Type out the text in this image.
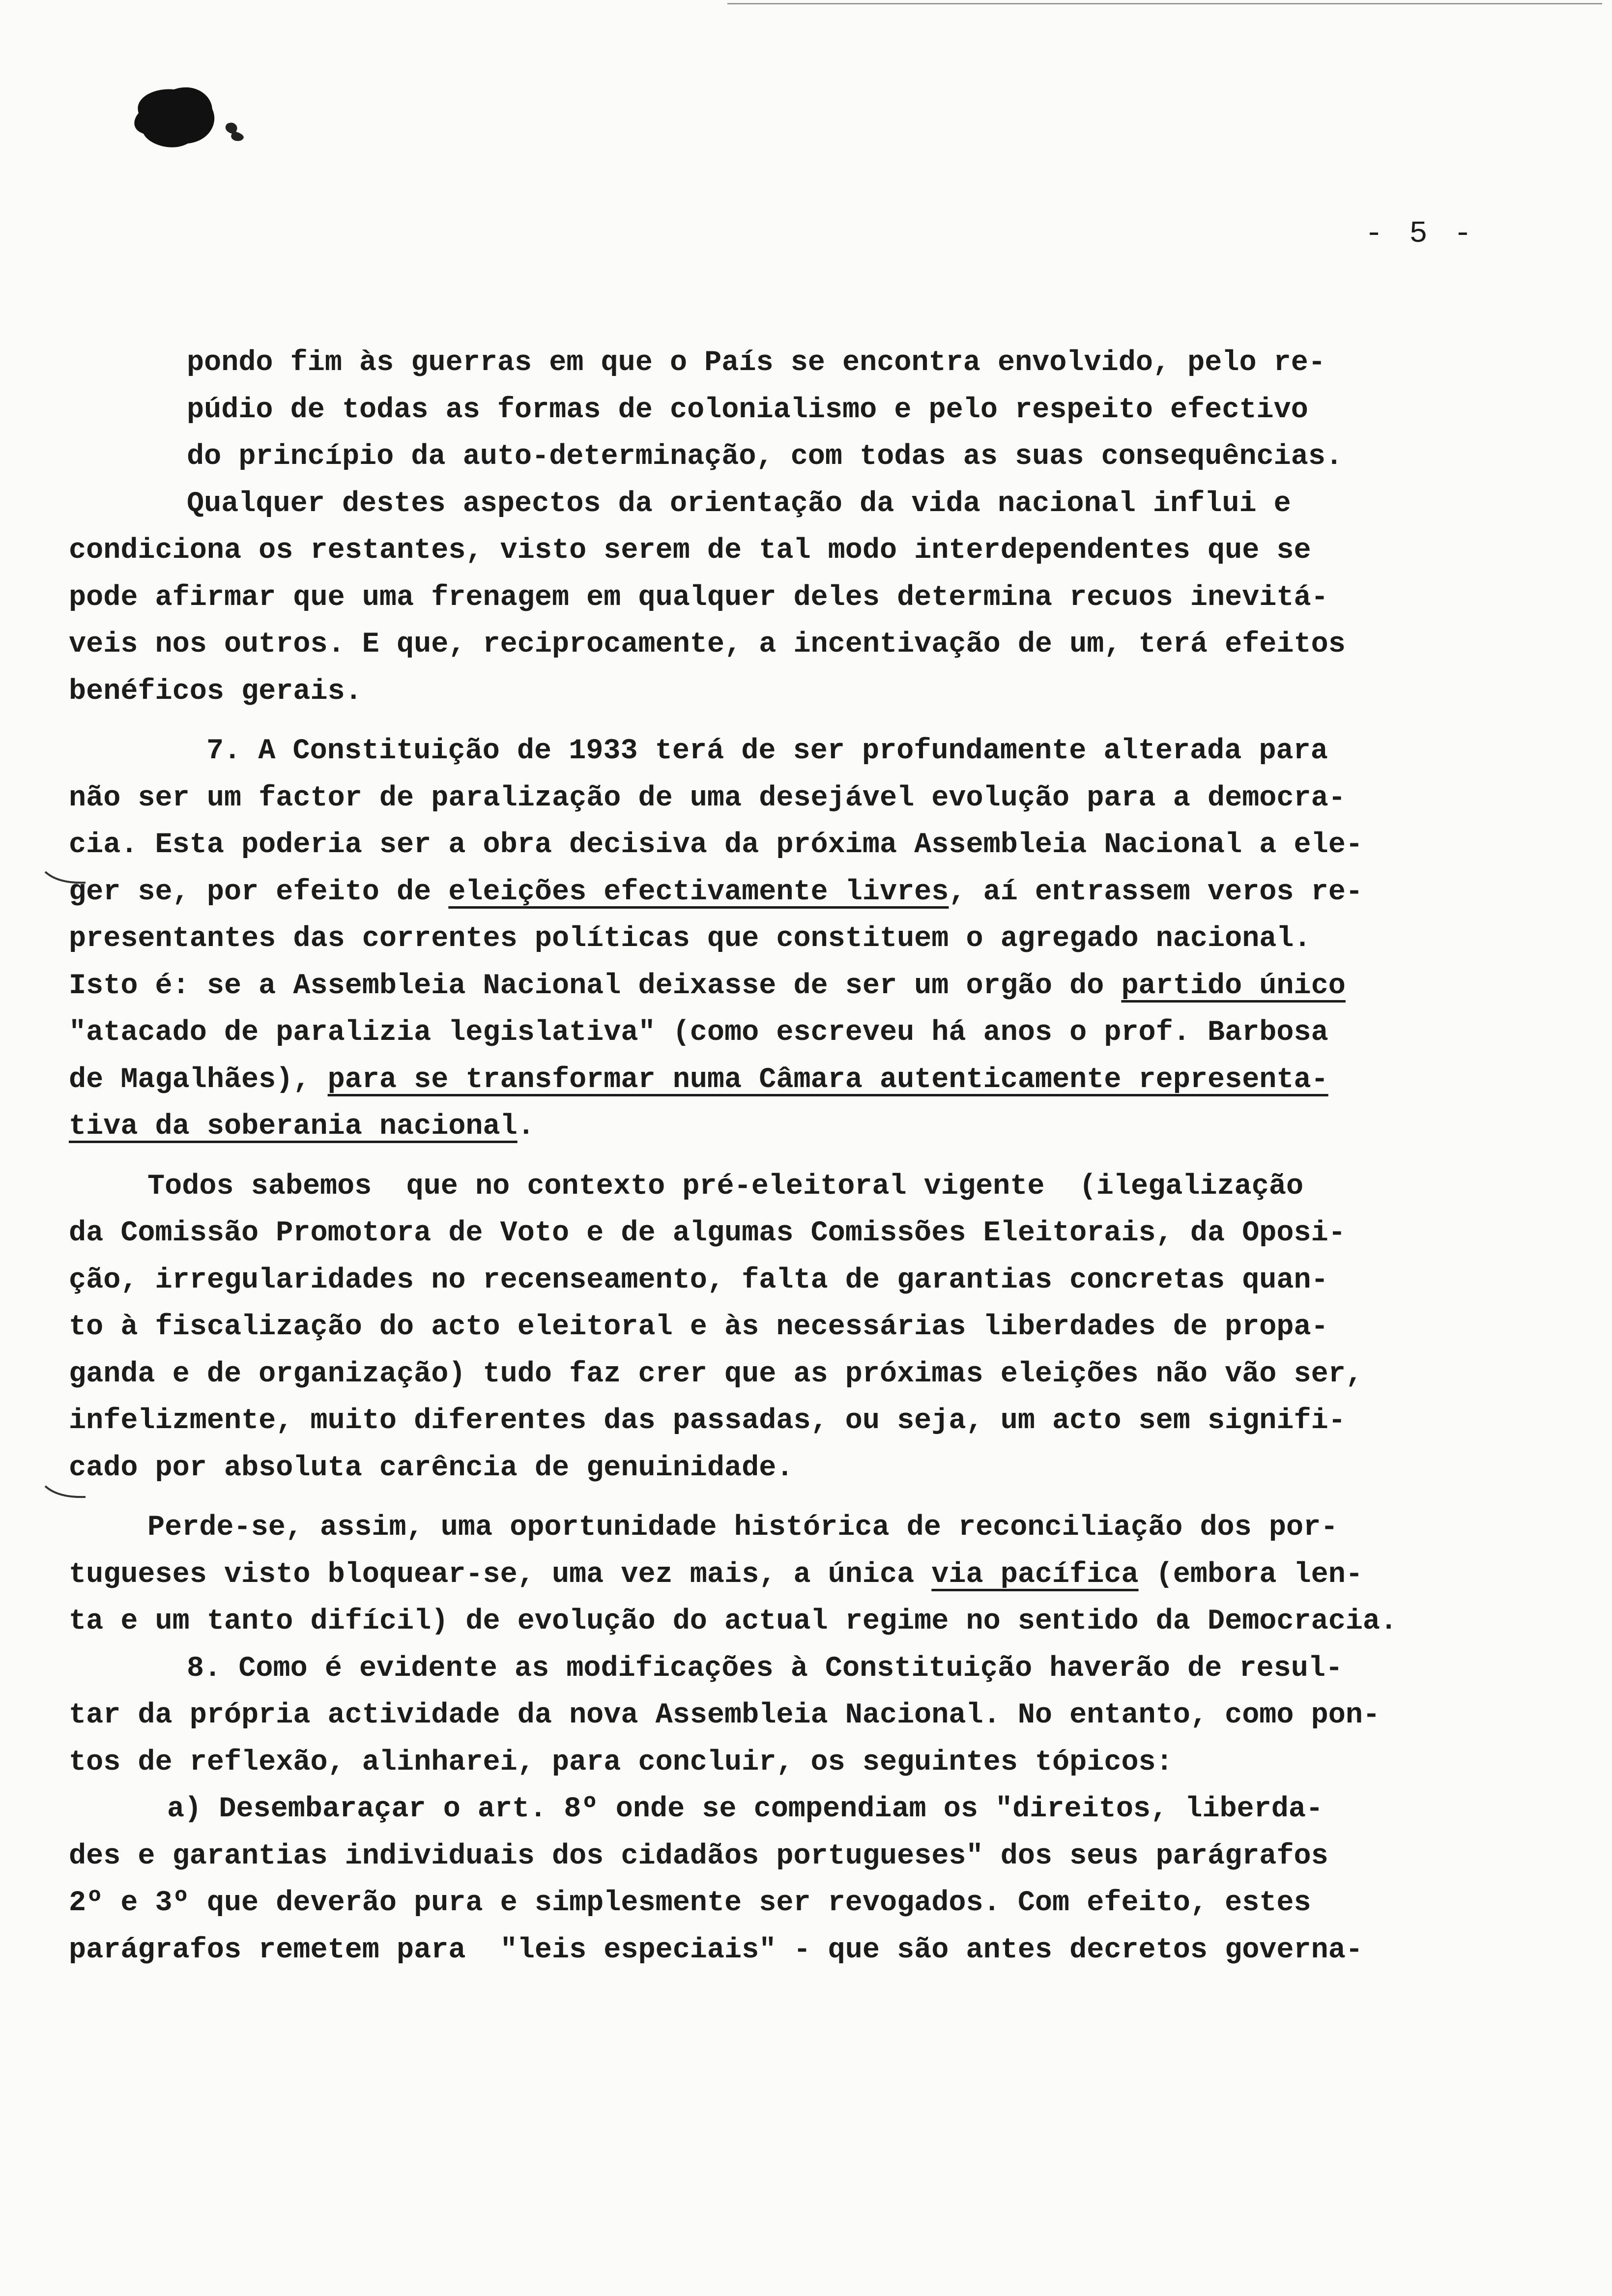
- 5 -
pondo fim às guerras em que o País se encontra envolvido, pelo re-
púdio de todas as formas de colonialismo e pelo respeito efectivo
do princípio da auto-determinação, com todas as suas consequências.
Qualquer destes aspectos da orientação da vida nacional influi e
condiciona os restantes, visto serem de tal modo interdependentes que se
pode afirmar que uma frenagem em qualquer deles determina recuos inevitá-
veis nos outros. E que, reciprocamente, a incentivação de um, terá efeitos
benéficos gerais.
7. A Constituição de 1933 terá de ser profundamente alterada para
não ser um factor de paralização de uma desejável evolução para a democra-
cia. Esta poderia ser a obra decisiva da próxima Assembleia Nacional a ele-
ger se, por efeito de eleições efectivamente livres, aí entrassem veros re-
presentantes das correntes políticas que constituem o agregado nacional.
Isto é: se a Assembleia Nacional deixasse de ser um orgão do partido único
"atacado de paralizia legislativa" (como escreveu há anos o prof. Barbosa
de Magalhães), para se transformar numa Câmara autenticamente representa-
tiva da soberania nacional.
Todos sabemos  que no contexto pré-eleitoral vigente  (ilegalização
da Comissão Promotora de Voto e de algumas Comissões Eleitorais, da Oposi-
ção, irregularidades no recenseamento, falta de garantias concretas quan-
to à fiscalização do acto eleitoral e às necessárias liberdades de propa-
ganda e de organização) tudo faz crer que as próximas eleições não vão ser,
infelizmente, muito diferentes das passadas, ou seja, um acto sem signifi-
cado por absoluta carência de genuinidade.
Perde-se, assim, uma oportunidade histórica de reconciliação dos por-
tugueses visto bloquear-se, uma vez mais, a única via pacífica (embora len-
ta e um tanto difícil) de evolução do actual regime no sentido da Democracia.
8. Como é evidente as modificações à Constituição haverão de resul-
tar da própria actividade da nova Assembleia Nacional. No entanto, como pon-
tos de reflexão, alinharei, para concluir, os seguintes tópicos:
a) Desembaraçar o art. 8º onde se compendiam os "direitos, liberda-
des e garantias individuais dos cidadãos portugueses" dos seus parágrafos
2º e 3º que deverão pura e simplesmente ser revogados. Com efeito, estes
parágrafos remetem para  "leis especiais" - que são antes decretos governa-
